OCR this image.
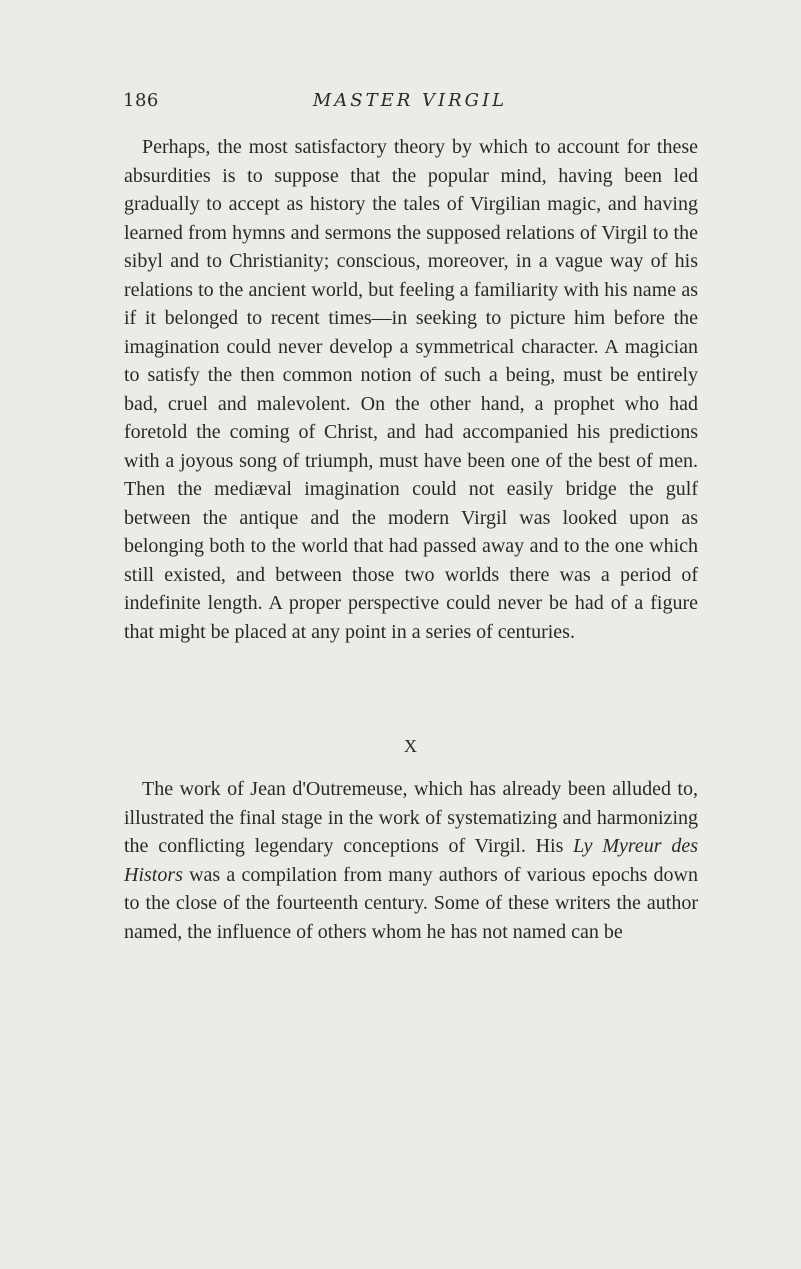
186	MASTER VIRGIL

Perhaps, the most satisfactory theory by which to account for these absurdities is to suppose that the popular mind, having been led gradually to accept as history the tales of Virgilian magic, and having learned from hymns and sermons the supposed relations of Virgil to the sibyl and to Christianity; conscious, moreover, in a vague way of his relations to the ancient world, but feeling a familiarity with his name as if it belonged to recent times—in seeking to picture him before the imagination could never develop a symmetrical character. A magician to satisfy the then common notion of such a being, must be entirely bad, cruel and malevolent. On the other hand, a prophet who had foretold the coming of Christ, and had accompanied his predictions with a joyous song of triumph, must have been one of the best of men. Then the mediæval imagination could not easily bridge the gulf between the antique and the modern Virgil was looked upon as belonging both to the world that had passed away and to the one which still existed, and between those two worlds there was a period of indefinite length. A proper perspective could never be had of a figure that might be placed at any point in a series of centuries.

X

The work of Jean d'Outremeuse, which has already been alluded to, illustrated the final stage in the work of systematizing and harmonizing the conflicting legendary conceptions of Virgil. His Ly Myreur des Histors was a compilation from many authors of various epochs down to the close of the fourteenth century. Some of these writers the author named, the influence of others whom he has not named can be
